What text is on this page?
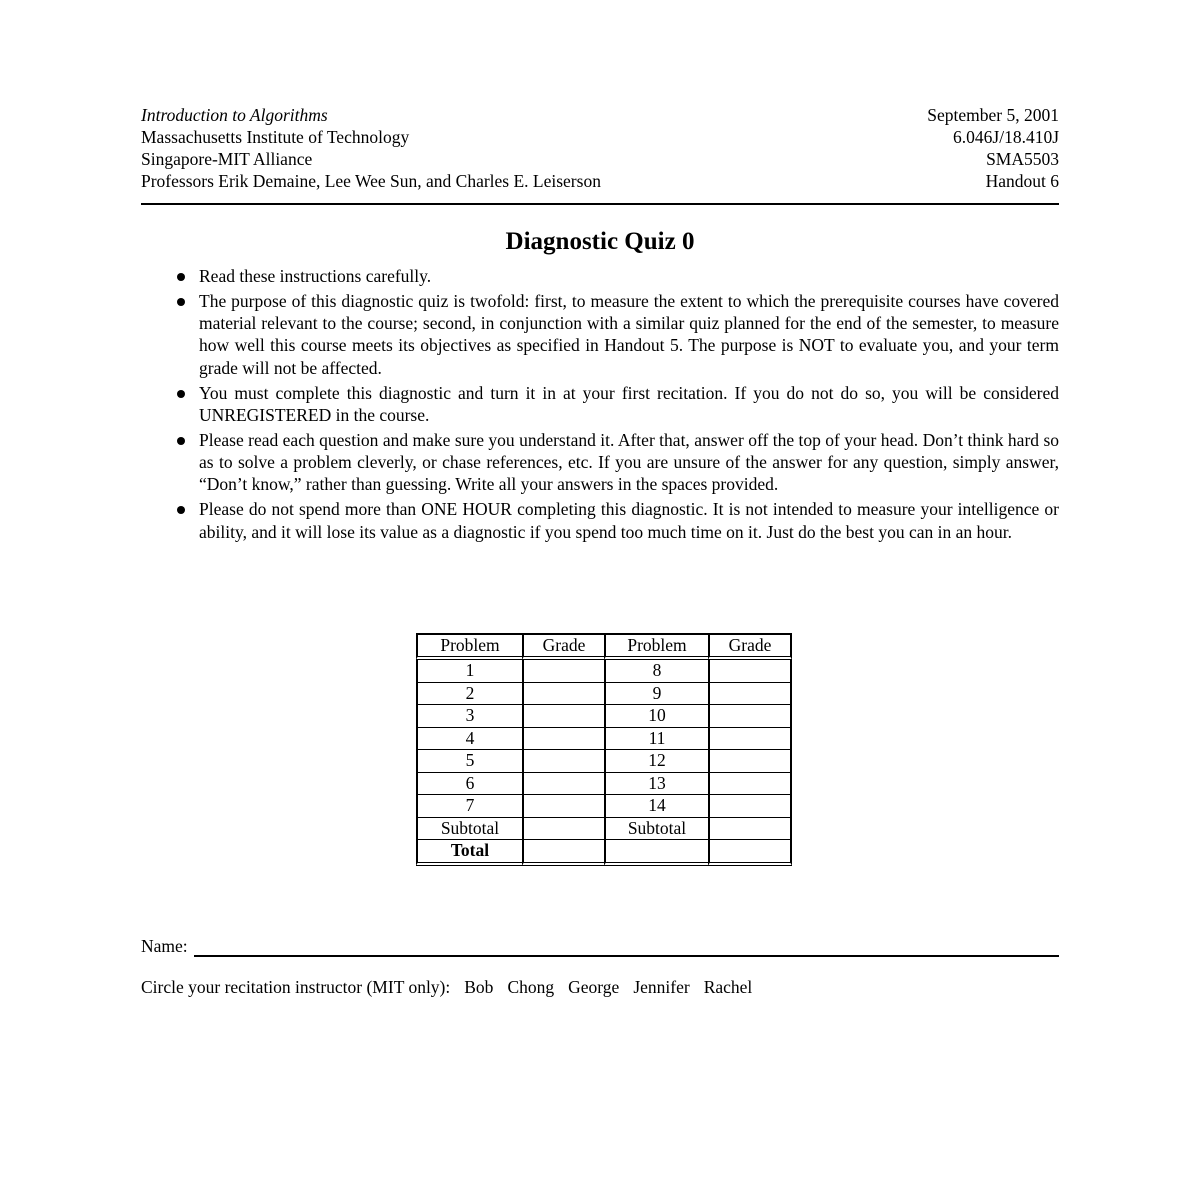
Introduction to Algorithms	September 5, 2001
Massachusetts Institute of Technology	6.046J/18.410J
Singapore-MIT Alliance	SMA5503
Professors Erik Demaine, Lee Wee Sun, and Charles E. Leiserson	Handout 6
Diagnostic Quiz 0
Read these instructions carefully.
The purpose of this diagnostic quiz is twofold: first, to measure the extent to which the prerequisite courses have covered material relevant to the course; second, in conjunction with a similar quiz planned for the end of the semester, to measure how well this course meets its objectives as specified in Handout 5. The purpose is NOT to evaluate you, and your term grade will not be affected.
You must complete this diagnostic and turn it in at your first recitation. If you do not do so, you will be considered UNREGISTERED in the course.
Please read each question and make sure you understand it. After that, answer off the top of your head. Don’t think hard so as to solve a problem cleverly, or chase references, etc. If you are unsure of the answer for any question, simply answer, “Don’t know,” rather than guessing. Write all your answers in the spaces provided.
Please do not spend more than ONE HOUR completing this diagnostic. It is not intended to measure your intelligence or ability, and it will lose its value as a diagnostic if you spend too much time on it. Just do the best you can in an hour.
Problem	Grade	Problem	Grade
1		8	
2		9	
3		10	
4		11	
5		12	
6		13	
7		14	
Subtotal		Subtotal	
Total			
Name:
Circle your recitation instructor (MIT only): Bob Chong George Jennifer Rachel
